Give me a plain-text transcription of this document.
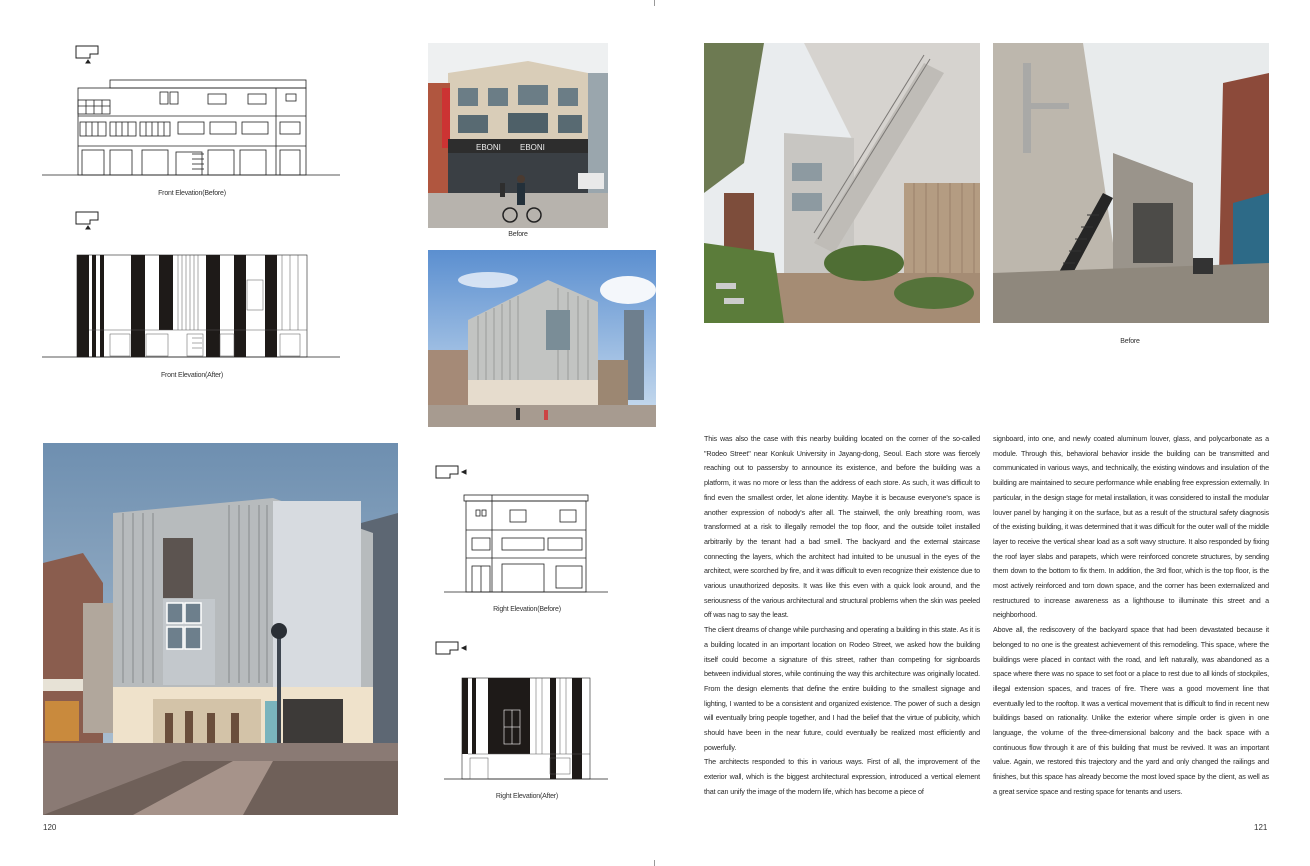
Front Elevation(Before)
Front Elevation(After)
EBONI EBONI
Before
Right Elevation(Before)
Right Elevation(After)
120
Before

This was also the case with this nearby building located on the corner of the so-called "Rodeo Street" near Konkuk University in Jayang-dong, Seoul. Each store was fiercely reaching out to passersby to announce its existence, and before the building was a platform, it was no more or less than the address of each store. As such, it was difficult to find even the smallest order, let alone identity. Maybe it is because everyone's space is another expression of nobody's after all. The stairwell, the only breathing room, was transformed at a risk to illegally remodel the top floor, and the outside toilet installed arbitrarily by the tenant had a bad smell. The backyard and the external staircase connecting the layers, which the architect had intuited to be unusual in the eyes of the architect, were scorched by fire, and it was difficult to even recognize their existence due to various unauthorized deposits. It was like this even with a quick look around, and the seriousness of the various architectural and structural problems when the skin was peeled off was nag to say the least.

The client dreams of change while purchasing and operating a building in this state. As it is a building located in an important location on Rodeo Street, we asked how the building itself could become a signature of this street, rather than competing for signboards between individual stores, while continuing the way this architecture was originally located. From the design elements that define the entire building to the smallest signage and lighting, I wanted to be a consistent and organized existence. The power of such a design will eventually bring people together, and I had the belief that the virtue of publicity, which should have been in the near future, could eventually be realized most efficiently and powerfully.

The architects responded to this in various ways. First of all, the improvement of the exterior wall, which is the biggest architectural expression, introduced a vertical element that can unify the image of the modern life, which has become a piece of

signboard, into one, and newly coated aluminum louver, glass, and polycarbonate as a module. Through this, behavioral behavior inside the building can be transmitted and communicated in various ways, and technically, the existing windows and insulation of the building are maintained to secure performance while enabling free expression externally. In particular, in the design stage for metal installation, it was considered to install the modular louver panel by hanging it on the surface, but as a result of the structural safety diagnosis of the existing building, it was determined that it was difficult for the outer wall of the middle layer to receive the vertical shear load as a soft wavy structure. It also responded by fixing the roof layer slabs and parapets, which were reinforced concrete structures, by sending them down to the bottom to fix them. In addition, the 3rd floor, which is the top floor, is the most actively reinforced and torn down space, and the corner has been externalized and restructured to increase awareness as a lighthouse to illuminate this street and a neighborhood.

Above all, the rediscovery of the backyard space that had been devastated because it belonged to no one is the greatest achievement of this remodeling. This space, where the buildings were placed in contact with the road, and left naturally, was abandoned as a space where there was no space to set foot or a place to rest due to all kinds of stockpiles, illegal extension spaces, and traces of fire. There was a good movement line that eventually led to the rooftop. It was a vertical movement that is difficult to find in recent new buildings based on rationality. Unlike the exterior where simple order is given in one language, the volume of the three-dimensional balcony and the back space with a continuous flow through it are of this building that must be revived. It was an important value. Again, we restored this trajectory and the yard and only changed the railings and finishes, but this space has already become the most loved space by the client, as well as a great service space and resting space for tenants and users.

121
